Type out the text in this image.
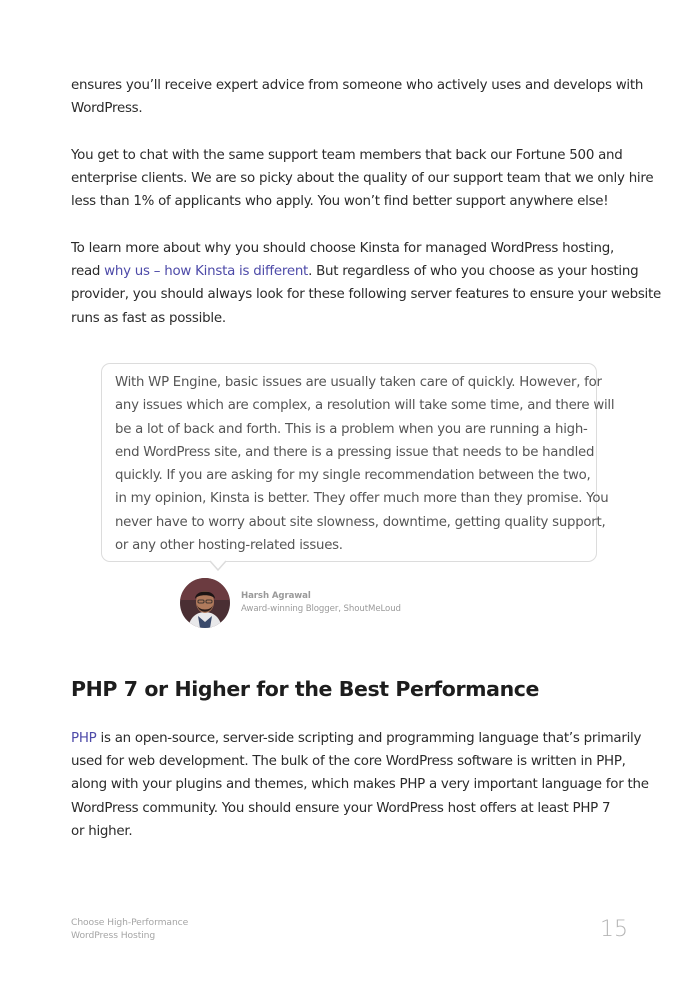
ensures you’ll receive expert advice from someone who actively uses and develops with
WordPress.

You get to chat with the same support team members that back our Fortune 500 and
enterprise clients. We are so picky about the quality of our support team that we only hire
less than 1% of applicants who apply. You won’t find better support anywhere else!

To learn more about why you should choose Kinsta for managed WordPress hosting,
read why us – how Kinsta is different. But regardless of who you choose as your hosting
provider, you should always look for these following server features to ensure your website
runs as fast as possible.

With WP Engine, basic issues are usually taken care of quickly. However, for
any issues which are complex, a resolution will take some time, and there will
be a lot of back and forth. This is a problem when you are running a high-
end WordPress site, and there is a pressing issue that needs to be handled
quickly. If you are asking for my single recommendation between the two,
in my opinion, Kinsta is better. They offer much more than they promise. You
never have to worry about site slowness, downtime, getting quality support,
or any other hosting-related issues.
Harsh Agrawal
Award-winning Blogger, ShoutMeLoud
PHP 7 or Higher for the Best Performance

PHP is an open-source, server-side scripting and programming language that’s primarily
used for web development. The bulk of the core WordPress software is written in PHP,
along with your plugins and themes, which makes PHP a very important language for the
WordPress community. You should ensure your WordPress host offers at least PHP 7
or higher.

Choose High-Performance
WordPress Hosting	15
